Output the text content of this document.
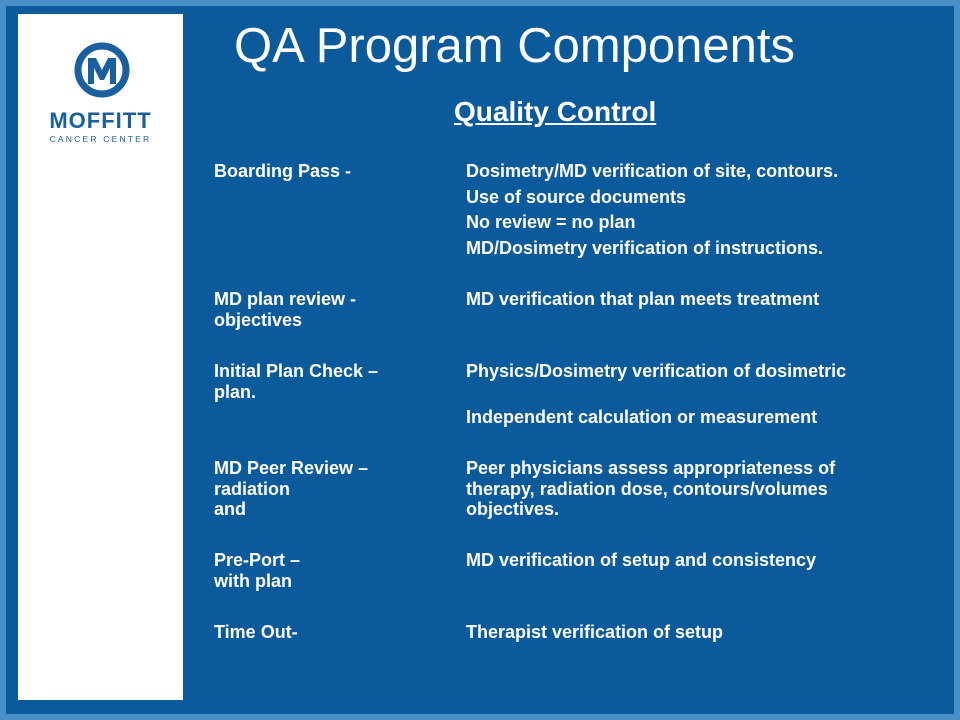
MOFFITT
CANCER CENTER
QA Program Components
Quality Control
Boarding Pass -	Dosimetry/MD verification of site, contours.
Use of source documents
No review = no plan
MD/Dosimetry verification of instructions.
MD plan review -
objectives
MD verification that plan meets treatment
Initial Plan Check –
plan.
Physics/Dosimetry verification of dosimetric
Independent calculation or measurement
MD Peer Review –
radiation
and
Peer physicians assess appropriateness of
therapy, radiation dose, contours/volumes
objectives.
Pre-Port –
with plan
MD verification of setup and consistency
Time Out-	Therapist verification of setup
